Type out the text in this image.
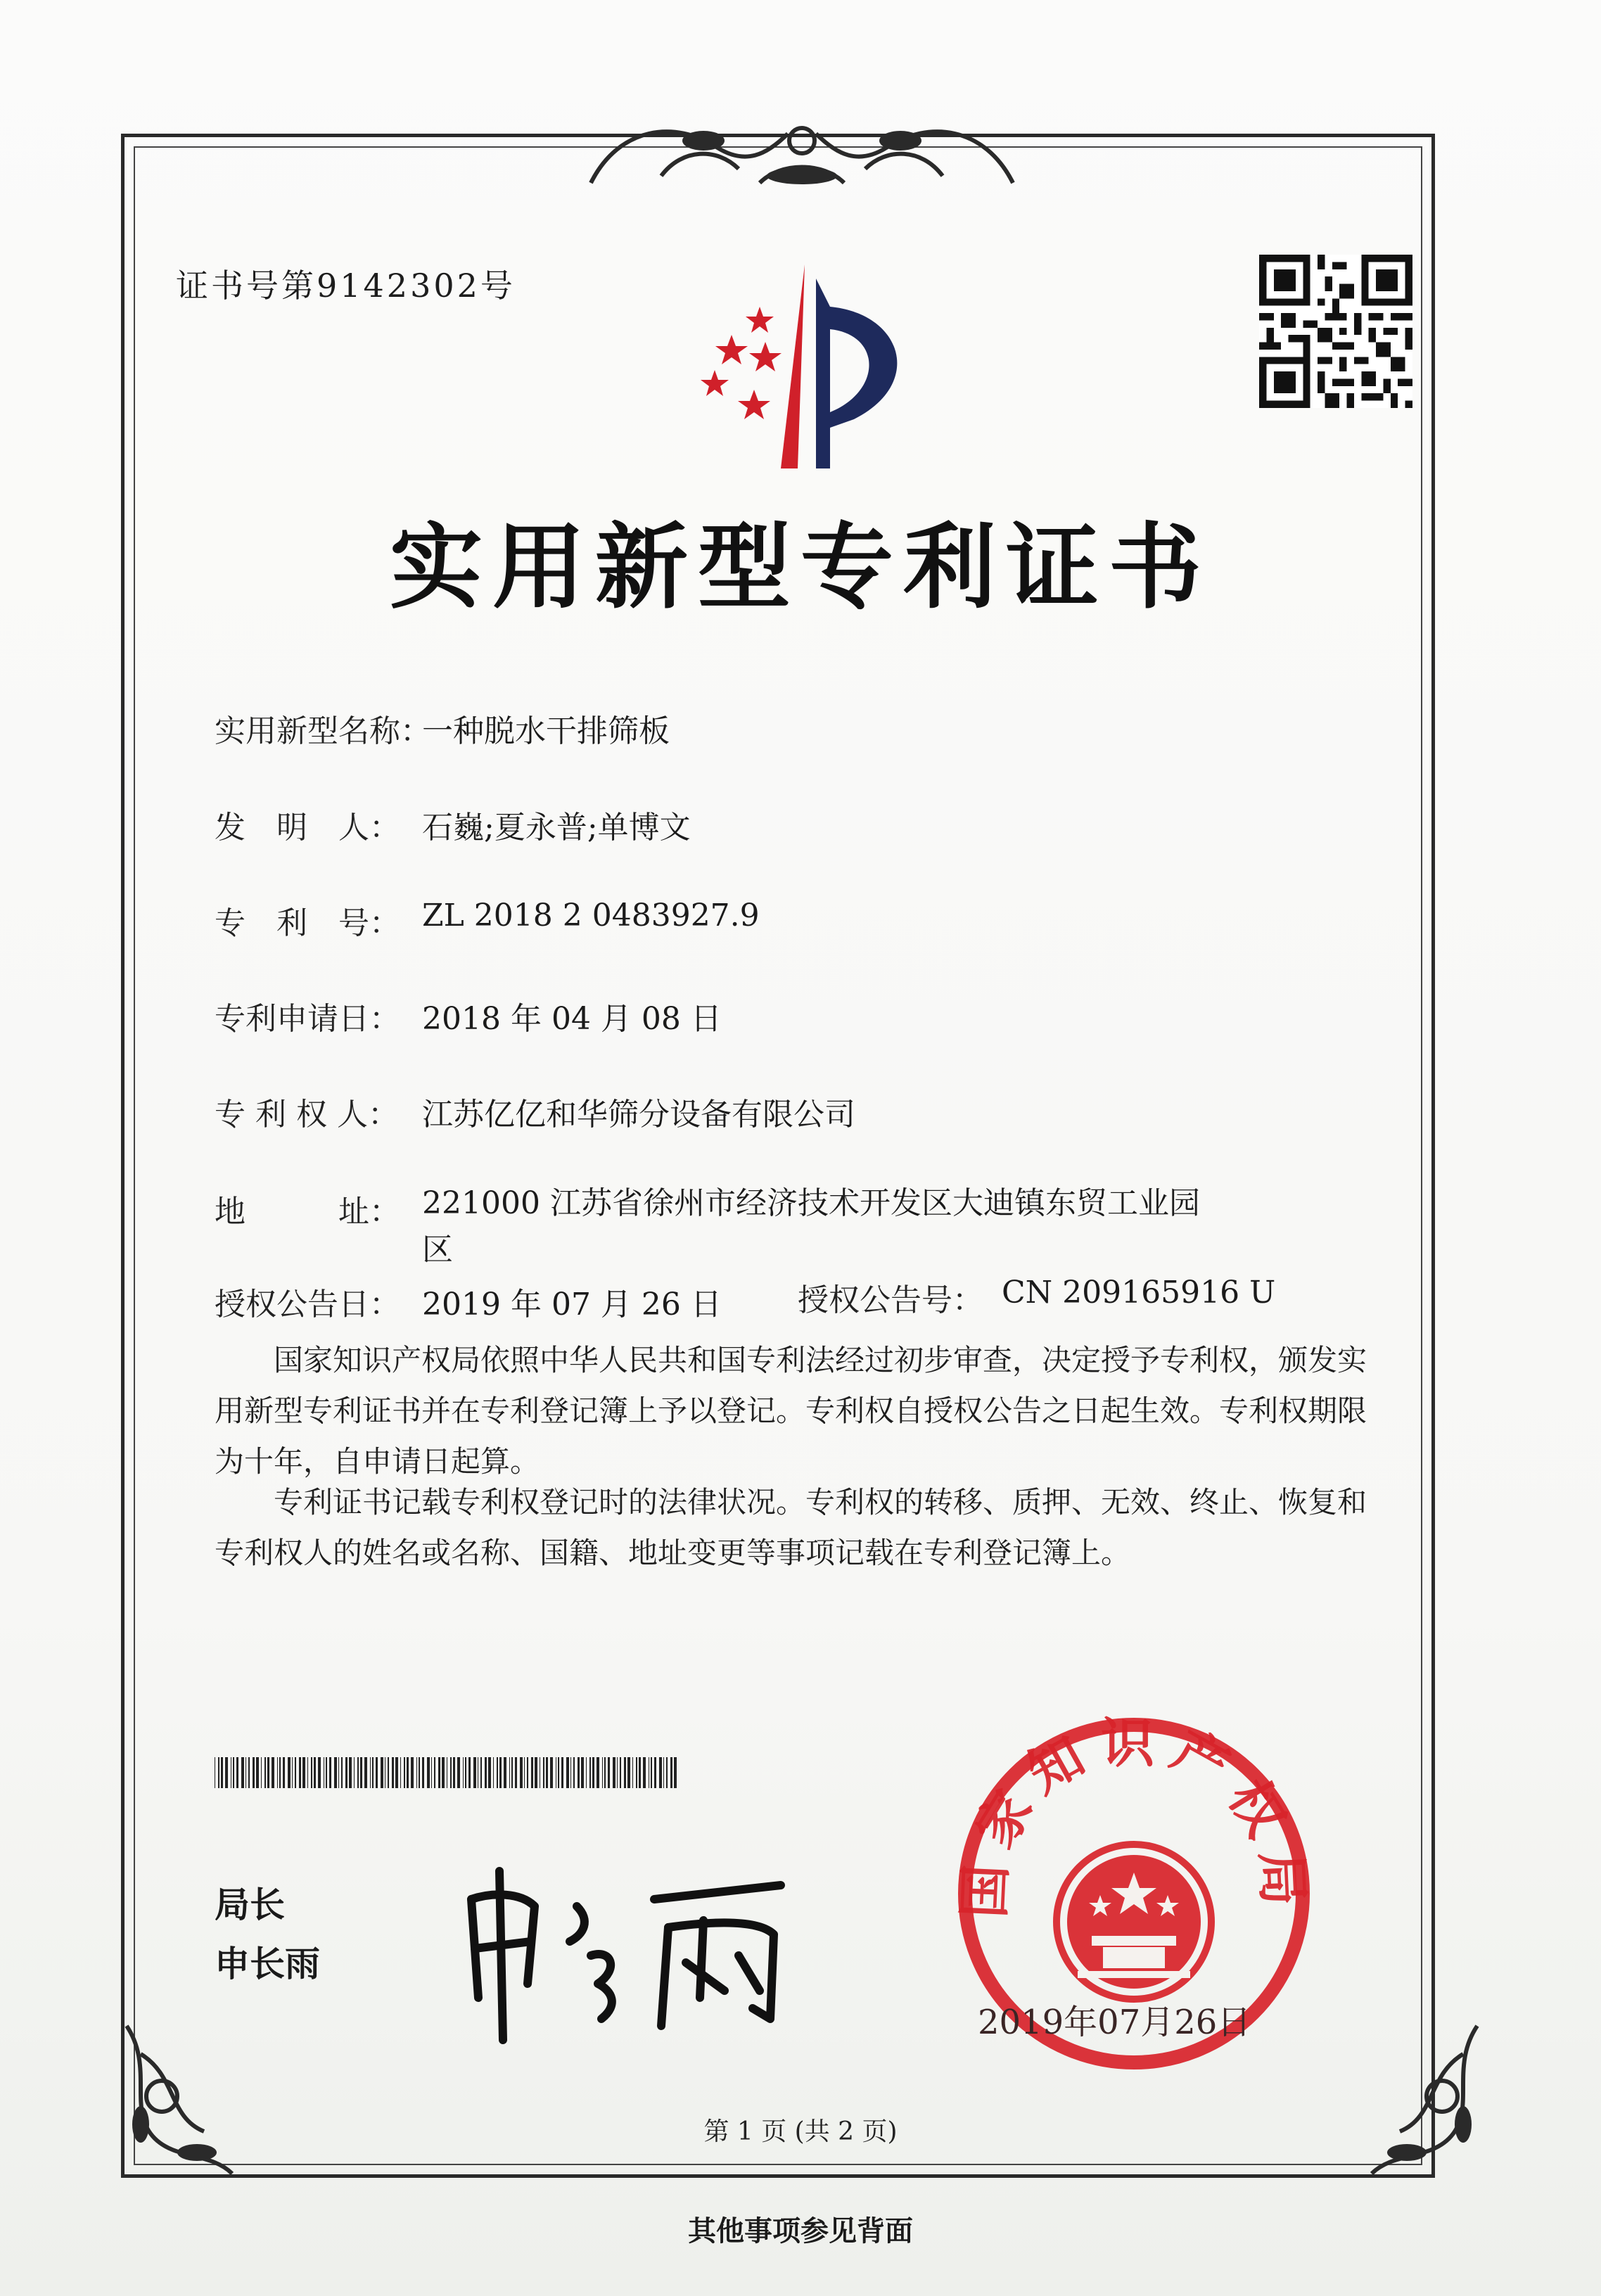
证书号第9142302号
实用新型专利证书
实用新型名称：
一种脱水干排筛板
发　明　人： 石巍;夏永普;单博文
专　利　号： ZL 2018 2 0483927.9
专利申请日： 2018 年 04 月 08 日
专 利 权 人： 江苏亿亿和华筛分设备有限公司
地　　　址： 221000 江苏省徐州市经济技术开发区大迪镇东贸工业园
区
授权公告日： 2019 年 07 月 26 日 授权公告号： CN 209165916 U
国家知识产权局依照中华人民共和国专利法经过初步审查，决定授予专利权，颁发实用新型专利证书并在专利登记簿上予以登记。专利权自授权公告之日起生效。专利权期限为十年，自申请日起算。
专利证书记载专利权登记时的法律状况。专利权的转移、质押、无效、终止、恢复和专利权人的姓名或名称、国籍、地址变更等事项记载在专利登记簿上。
局长
申长雨
国家知识产权局
2019年07月26日
第 1 页 (共 2 页)
其他事项参见背面
